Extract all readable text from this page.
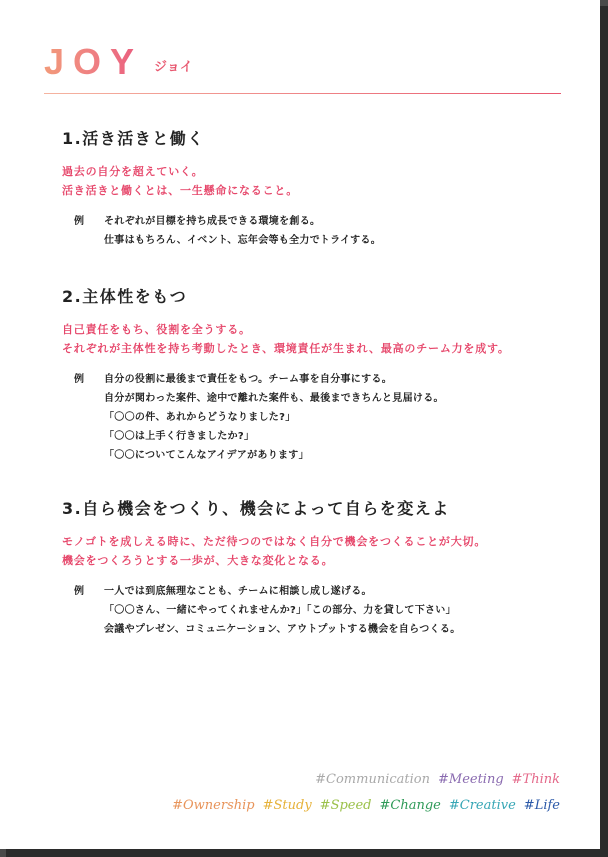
JOY ジョイ
1.活き活きと働く
過去の自分を超えていく。
活き活きと働くとは、一生懸命になること。
例 それぞれが目標を持ち成長できる環境を創る。
仕事はもちろん、イベント、忘年会等も全力でトライする。
2.主体性をもつ
自己責任をもち、役割を全うする。
それぞれが主体性を持ち考動したとき、環境責任が生まれ、最高のチーム力を成す。
例 自分の役割に最後まで責任をもつ。チーム事を自分事にする。
自分が関わった案件、途中で離れた案件も、最後まできちんと見届ける。
「〇〇の件、あれからどうなりました?」
「〇〇は上手く行きましたか?」
「〇〇についてこんなアイデアがあります」
3.自ら機会をつくり、機会によって自らを変えよ
モノゴトを成しえる時に、ただ待つのではなく自分で機会をつくることが大切。
機会をつくろうとする一歩が、大きな変化となる。
例 一人では到底無理なことも、チームに相談し成し遂げる。
「〇〇さん、一緒にやってくれませんか?」「この部分、力を貸して下さい」
会議やプレゼン、コミュニケーション、アウトプットする機会を自らつくる。
#Communication #Meeting #Think
#Ownership #Study #Speed #Change #Creative #Life
